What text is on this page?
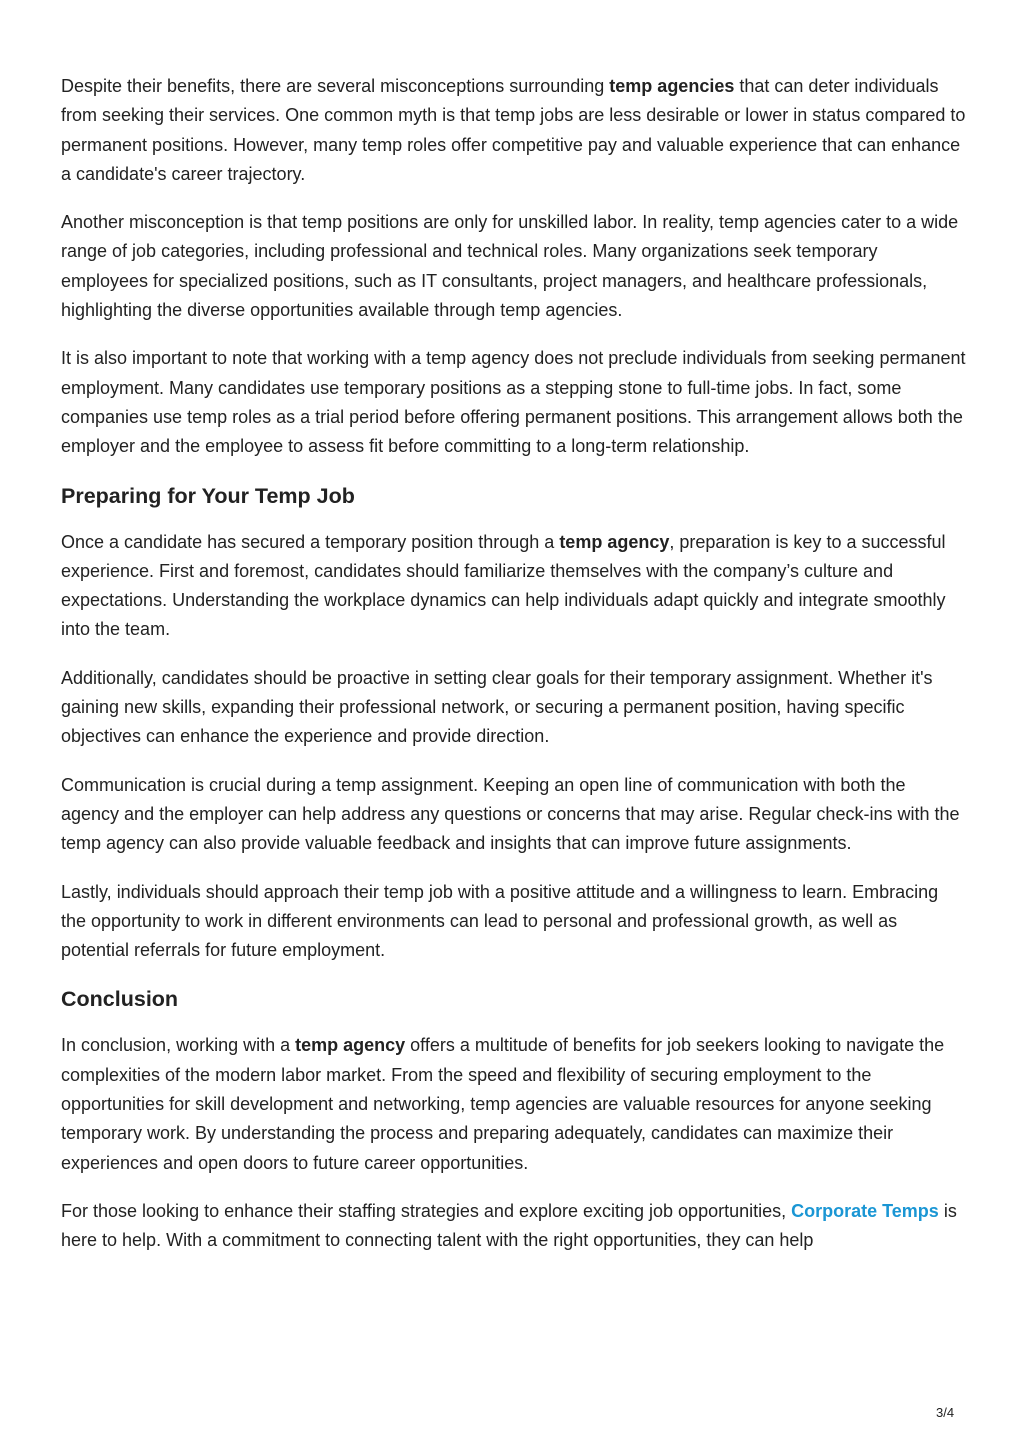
Despite their benefits, there are several misconceptions surrounding temp agencies that can deter individuals from seeking their services. One common myth is that temp jobs are less desirable or lower in status compared to permanent positions. However, many temp roles offer competitive pay and valuable experience that can enhance a candidate's career trajectory.

Another misconception is that temp positions are only for unskilled labor. In reality, temp agencies cater to a wide range of job categories, including professional and technical roles. Many organizations seek temporary employees for specialized positions, such as IT consultants, project managers, and healthcare professionals, highlighting the diverse opportunities available through temp agencies.

It is also important to note that working with a temp agency does not preclude individuals from seeking permanent employment. Many candidates use temporary positions as a stepping stone to full-time jobs. In fact, some companies use temp roles as a trial period before offering permanent positions. This arrangement allows both the employer and the employee to assess fit before committing to a long-term relationship.

Preparing for Your Temp Job

Once a candidate has secured a temporary position through a temp agency, preparation is key to a successful experience. First and foremost, candidates should familiarize themselves with the company’s culture and expectations. Understanding the workplace dynamics can help individuals adapt quickly and integrate smoothly into the team.

Additionally, candidates should be proactive in setting clear goals for their temporary assignment. Whether it's gaining new skills, expanding their professional network, or securing a permanent position, having specific objectives can enhance the experience and provide direction.

Communication is crucial during a temp assignment. Keeping an open line of communication with both the agency and the employer can help address any questions or concerns that may arise. Regular check-ins with the temp agency can also provide valuable feedback and insights that can improve future assignments.

Lastly, individuals should approach their temp job with a positive attitude and a willingness to learn. Embracing the opportunity to work in different environments can lead to personal and professional growth, as well as potential referrals for future employment.

Conclusion

In conclusion, working with a temp agency offers a multitude of benefits for job seekers looking to navigate the complexities of the modern labor market. From the speed and flexibility of securing employment to the opportunities for skill development and networking, temp agencies are valuable resources for anyone seeking temporary work. By understanding the process and preparing adequately, candidates can maximize their experiences and open doors to future career opportunities.

For those looking to enhance their staffing strategies and explore exciting job opportunities, Corporate Temps is here to help. With a commitment to connecting talent with the right opportunities, they can help

3/4
